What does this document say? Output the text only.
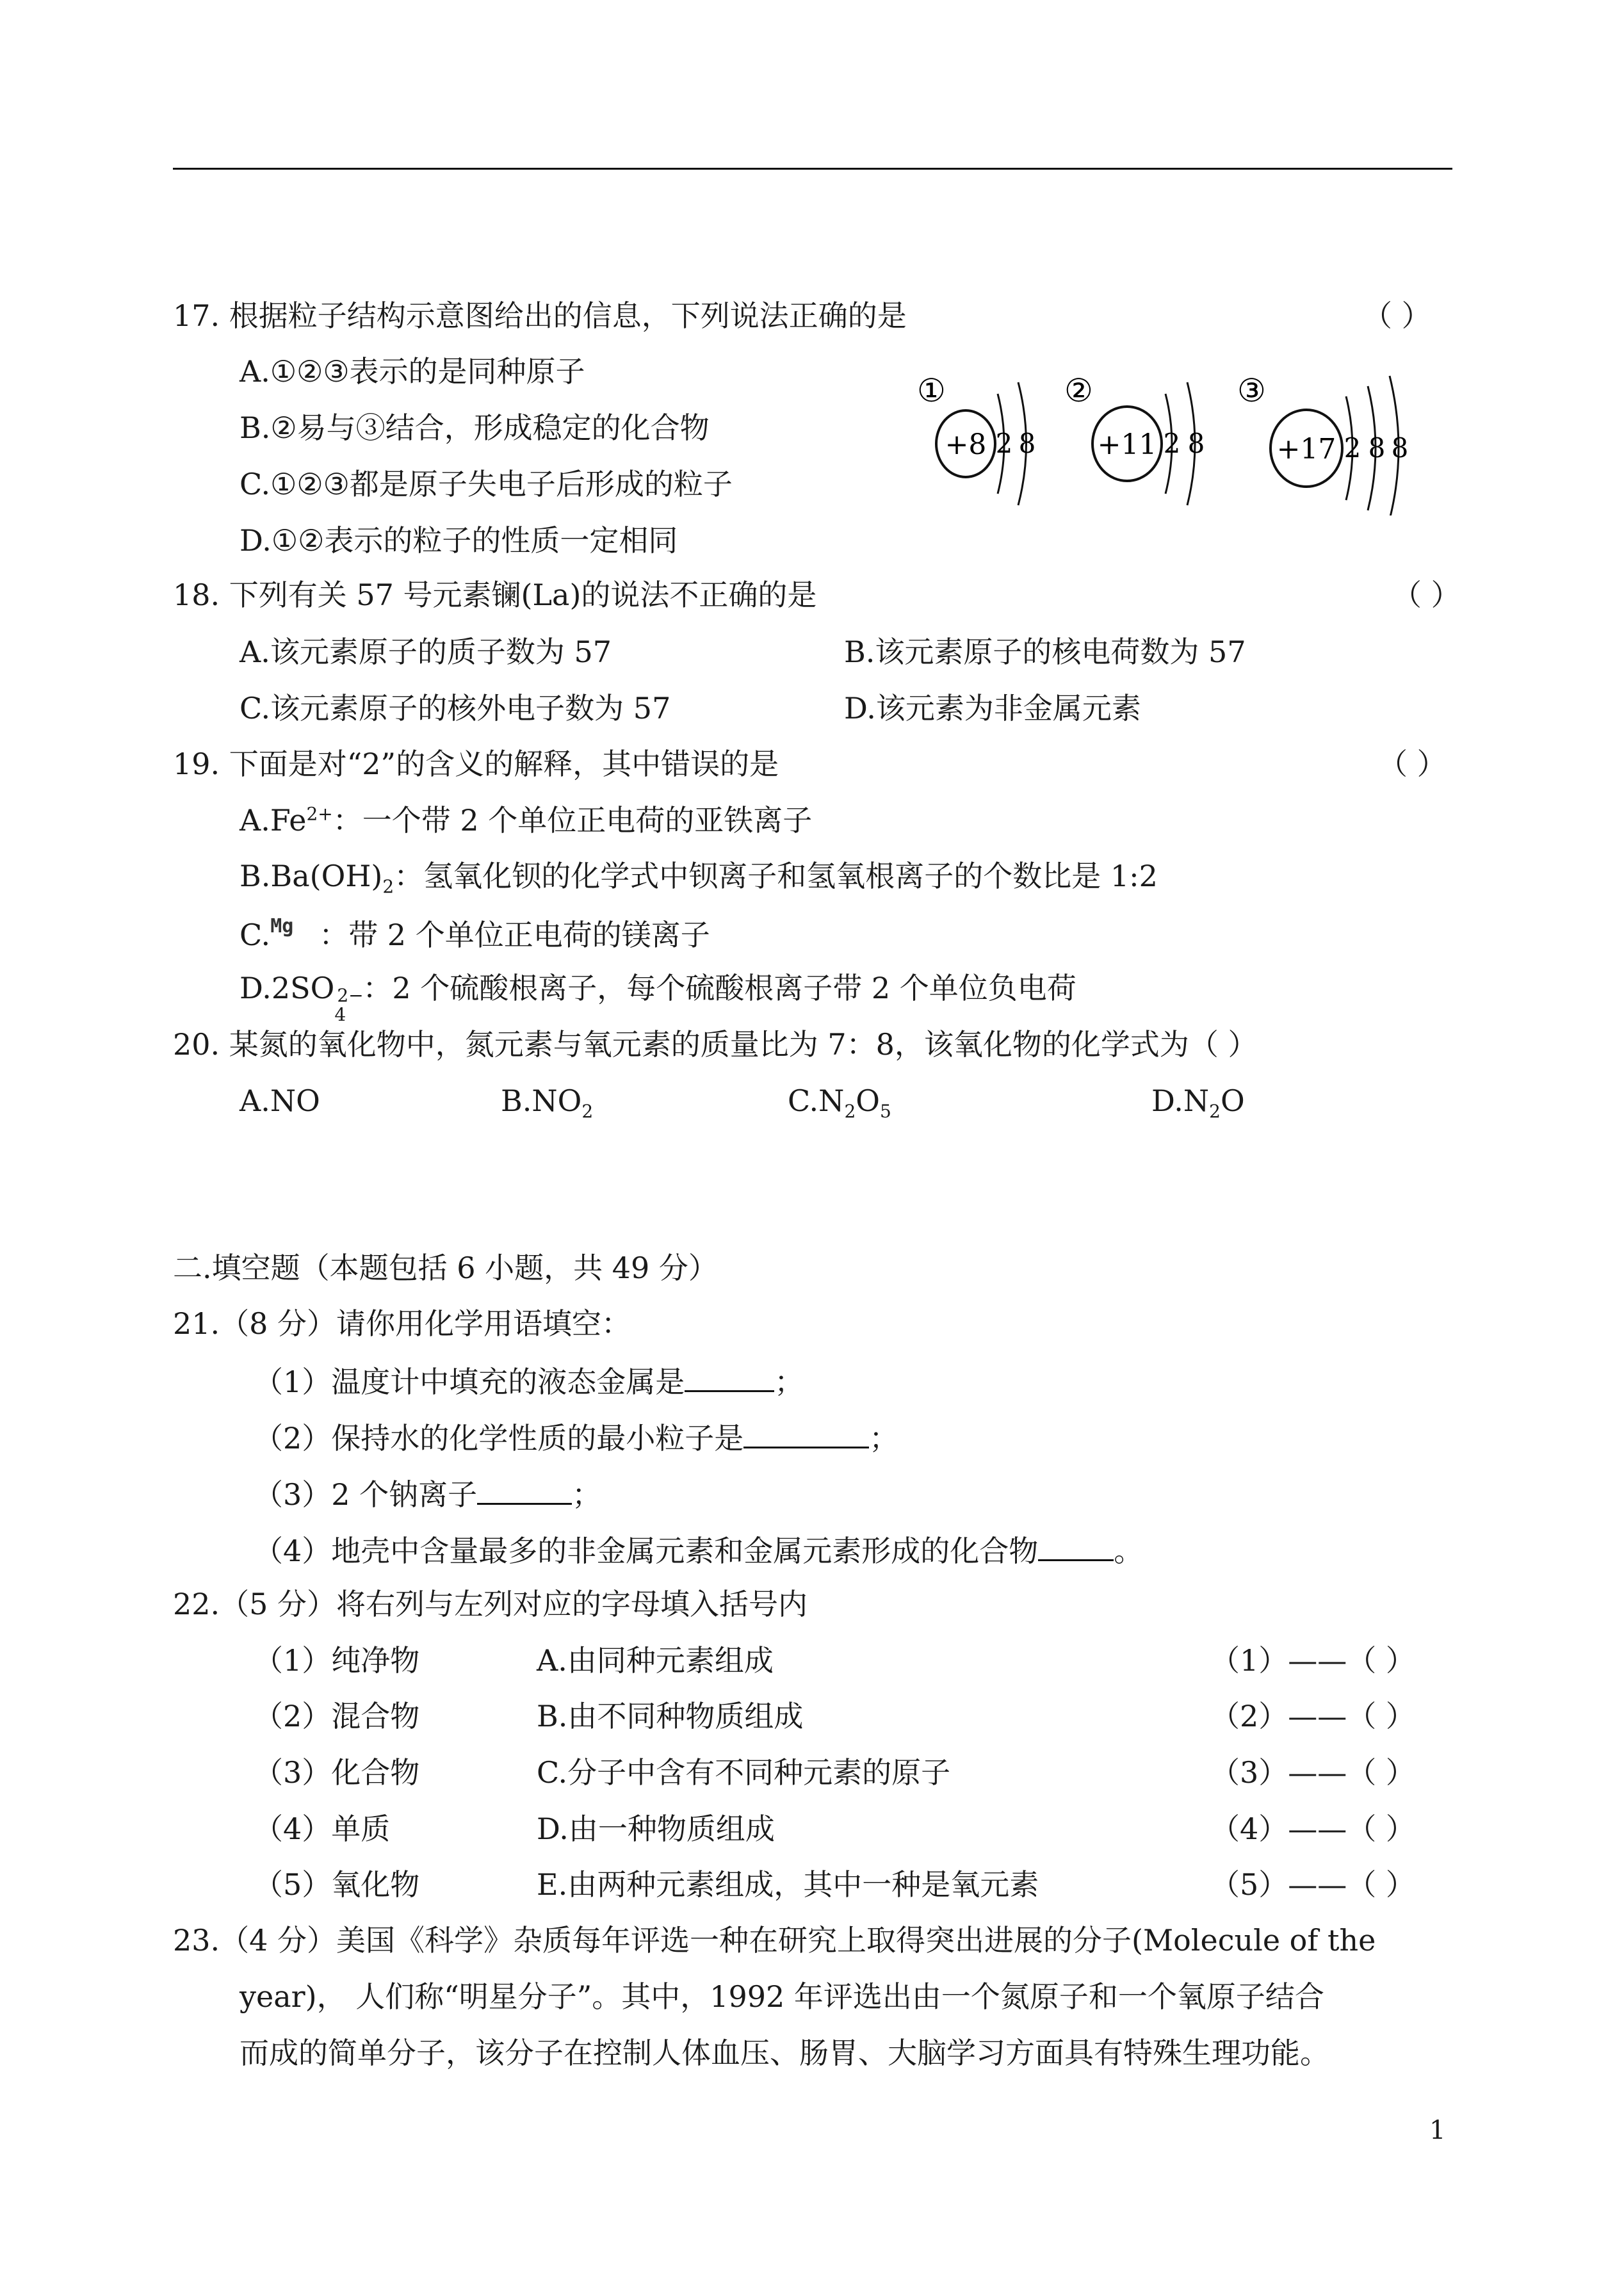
17. 根据粒子结构示意图给出的信息，下列说法正确的是	（ ）
A.①②③表示的是同种原子
B.②易与③结合，形成稳定的化合物
C.①②③都是原子失电子后形成的粒子
D.①②表示的粒子的性质一定相同
①
+8 2 8
②
+11 2 8
③
+17 2 8 8
18. 下列有关 57 号元素镧(La)的说法不正确的是	（ ）
A.该元素原子的质子数为 57	B.该元素原子的核电荷数为 57
C.该元素原子的核外电子数为 57	D.该元素为非金属元素
19. 下面是对“2”的含义的解释，其中错误的是	（ ）
$A.Fe^{2+}$：一个带 2 个单位正电荷的亚铁离子
$B.Ba(OH)_2$：氢氧化钡的化学式中钡离子和氢氧根离子的个数比是 1:2
C.Mg ：带 2 个单位正电荷的镁离子
D.2SO
4
2−
：2 个硫酸根离子，每个硫酸根离子带 2 个单位负电荷
20. 某氮的氧化物中，氮元素与氧元素的质量比为 7：8，该氧化物的化学式为（ ）
A.NO	$B.NO_2$	$C.N_2O_5$	$D.N_2O$
二.填空题（本题包括 6 小题，共 49 分）
21.（8 分）请你用化学用语填空：
（1）温度计中填充的液态金属是	；
（2）保持水的化学性质的最小粒子是	；
（3）2 个钠离子	；
（4）地壳中含量最多的非金属元素和金属元素形成的化合物	。
22.（5 分）将右列与左列对应的字母填入括号内
（1）纯净物	A.由同种元素组成	（1）——（ ）
（2）混合物	B.由不同种物质组成	（2）——（ ）
（3）化合物	C.分子中含有不同种元素的原子	（3）——（ ）
（4）单质	D.由一种物质组成	（4）——（ ）
（5）氧化物	E.由两种元素组成，其中一种是氧元素	（5）——（ ）
23.（4 分）美国《科学》杂质每年评选一种在研究上取得突出进展的分子(Molecule of the
year)， 人们称“明星分子”。其中，1992 年评选出由一个氮原子和一个氧原子结合
而成的简单分子，该分子在控制人体血压、肠胃、大脑学习方面具有特殊生理功能。
1
